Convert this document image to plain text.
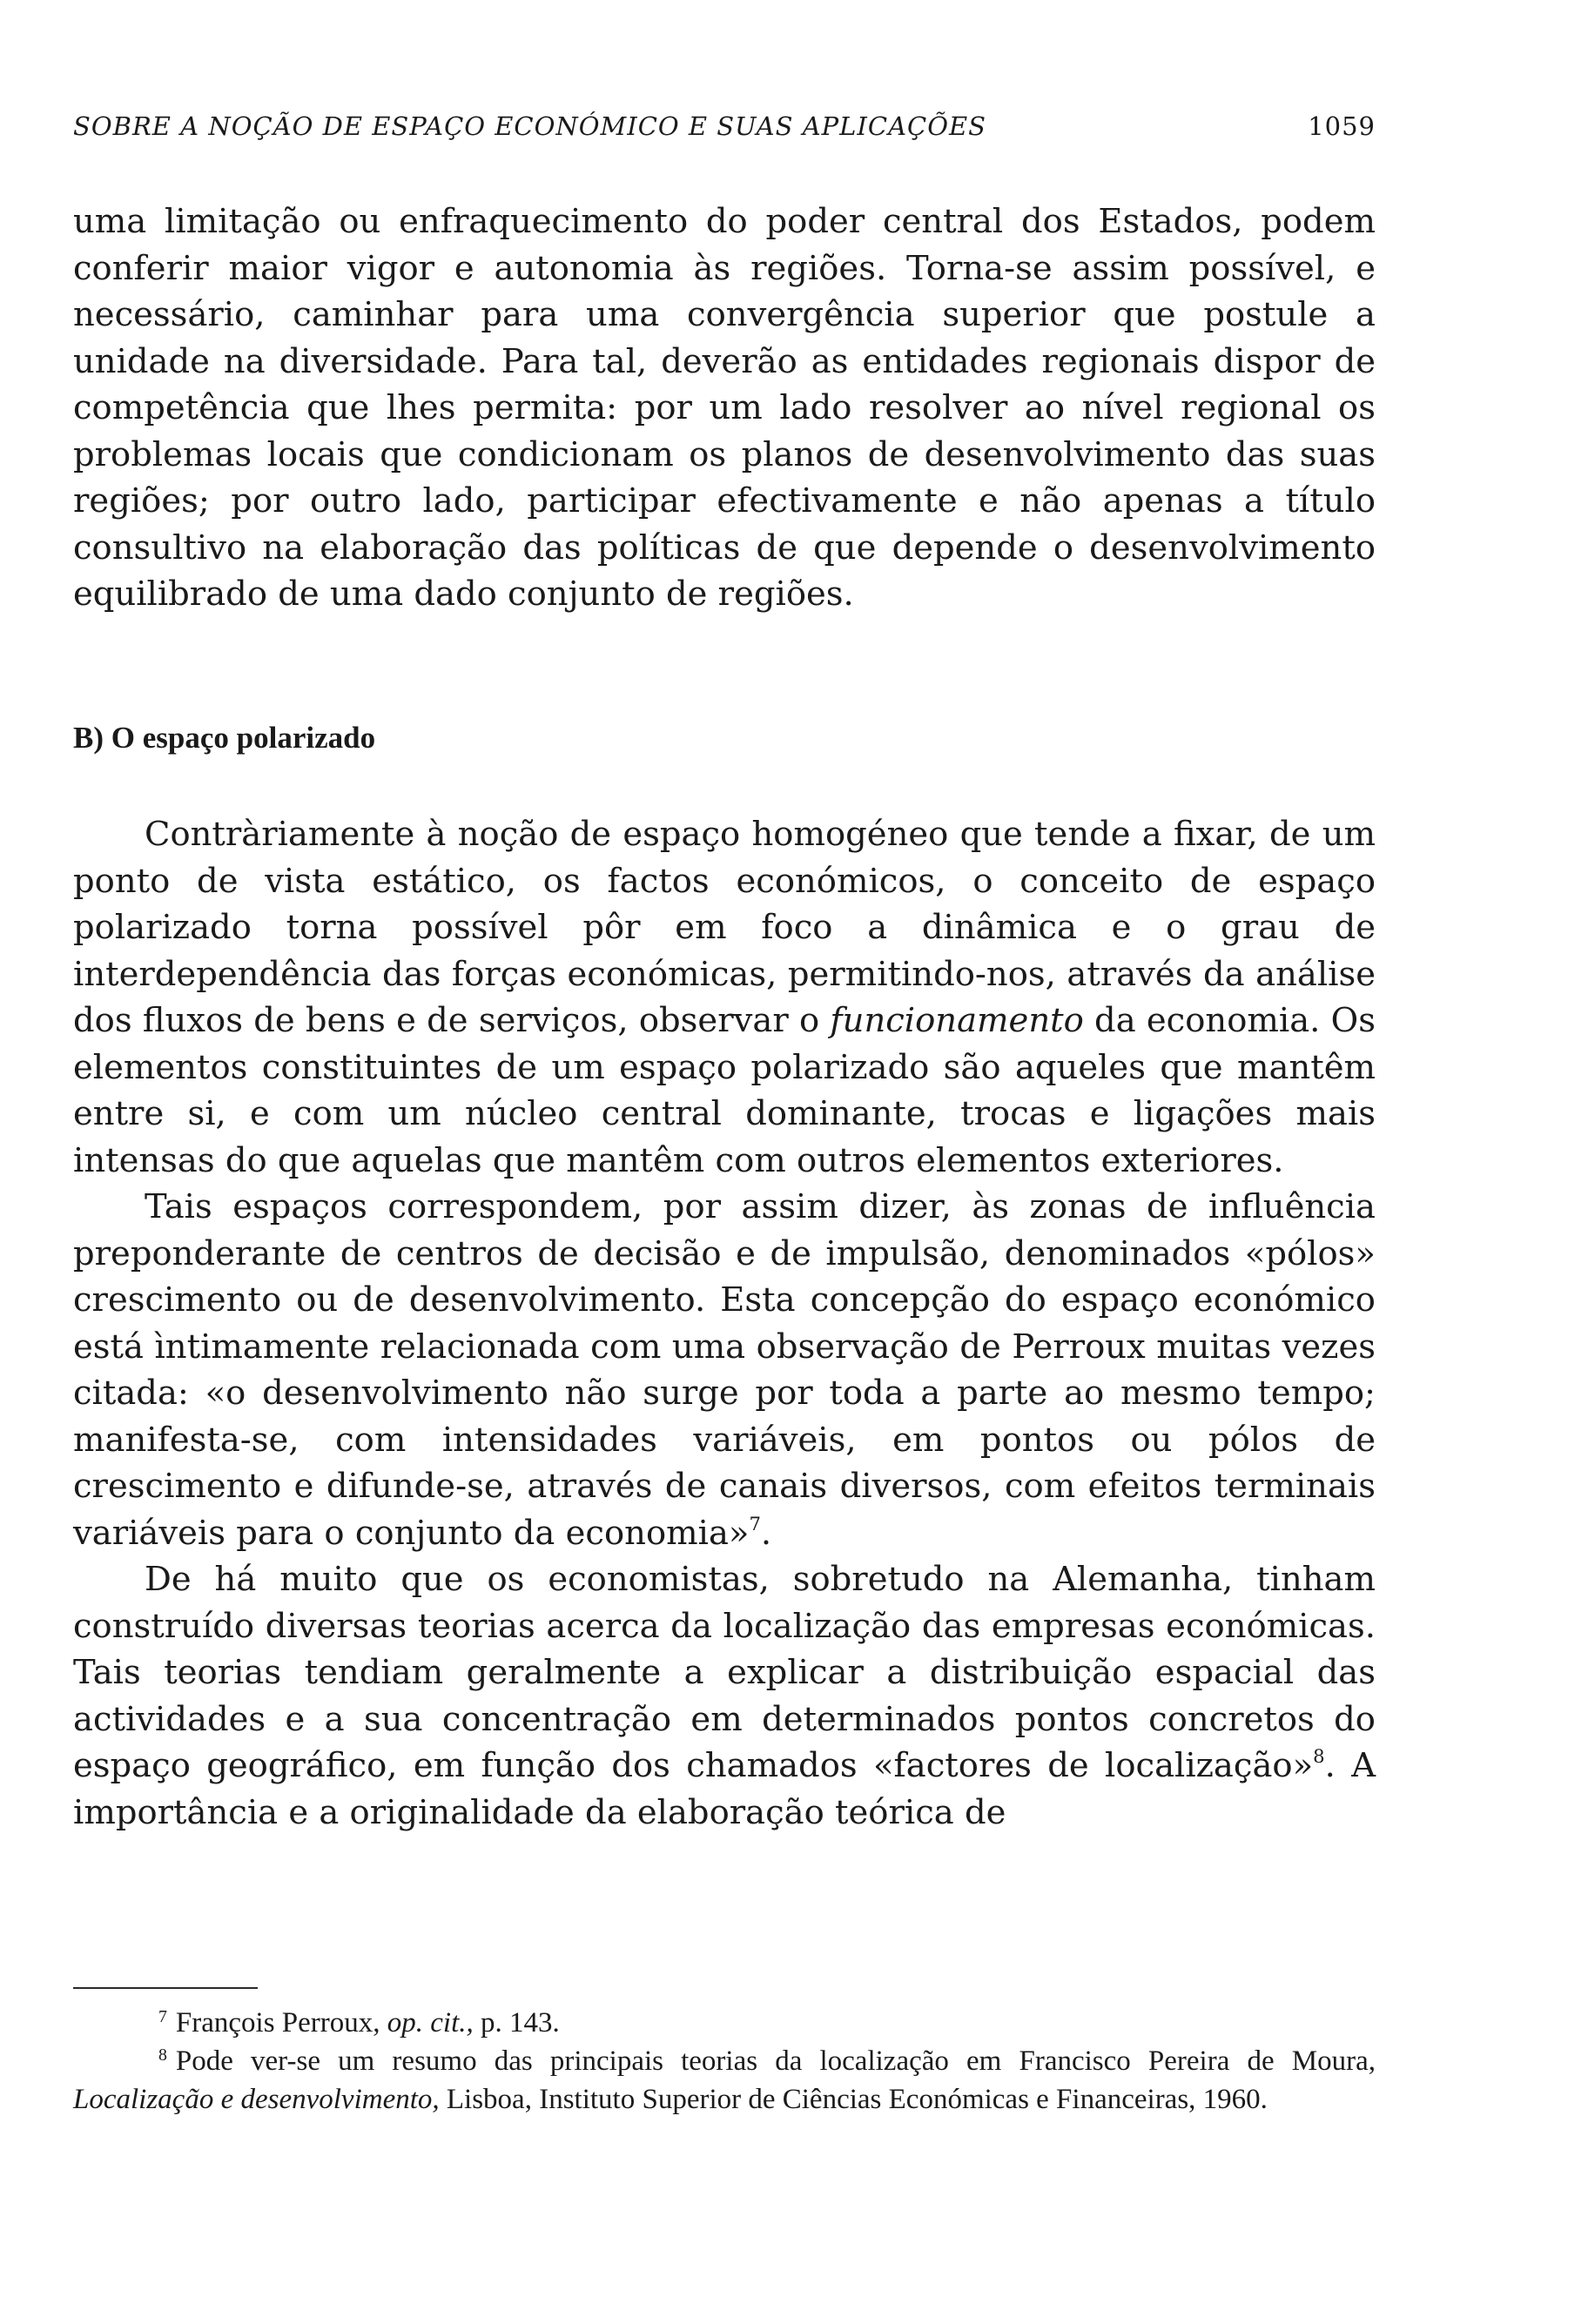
SOBRE A NOÇÃO DE ESPAÇO ECONÓMICO E SUAS APLICAÇÕES	1059

uma limitação ou enfraquecimento do poder central dos Estados, podem conferir maior vigor e autonomia às regiões. Torna-se assim possível, e necessário, caminhar para uma convergência superior que postule a unidade na diversidade. Para tal, deverão as entidades regionais dispor de competência que lhes permita: por um lado resolver ao nível regional os problemas locais que condicionam os planos de desenvolvimento das suas regiões; por outro lado, participar efectivamente e não apenas a título consultivo na elaboração das políticas de que depende o desenvolvimento equilibrado de uma dado conjunto de regiões.

B) O espaço polarizado

Contràriamente à noção de espaço homogéneo que tende a fixar, de um ponto de vista estático, os factos económicos, o conceito de espaço polarizado torna possível pôr em foco a dinâmica e o grau de interdependência das forças económicas, permitindo-nos, através da análise dos fluxos de bens e de serviços, observar o funcionamento da economia. Os elementos constituintes de um espaço polarizado são aqueles que mantêm entre si, e com um núcleo central dominante, trocas e ligações mais intensas do que aquelas que mantêm com outros elementos exteriores.

Tais espaços correspondem, por assim dizer, às zonas de influência preponderante de centros de decisão e de impulsão, denominados «pólos» crescimento ou de desenvolvimento. Esta concepção do espaço económico está ìntimamente relacionada com uma observação de Perroux muitas vezes citada: «o desenvolvimento não surge por toda a parte ao mesmo tempo; manifesta-se, com intensidades variáveis, em pontos ou pólos de crescimento e difunde-se, através de canais diversos, com efeitos terminais variáveis para o conjunto da economia»$^7$.

De há muito que os economistas, sobretudo na Alemanha, tinham construído diversas teorias acerca da localização das empresas económicas. Tais teorias tendiam geralmente a explicar a distribuição espacial das actividades e a sua concentração em determinados pontos concretos do espaço geográfico, em função dos chamados «factores de localização»$^8$. A importância e a originalidade da elaboração teórica de

$^7$ François Perroux, op. cit., p. 143.

$^8$ Pode ver-se um resumo das principais teorias da localização em Francisco Pereira de Moura, Localização e desenvolvimento, Lisboa, Instituto Superior de Ciências Económicas e Financeiras, 1960.
